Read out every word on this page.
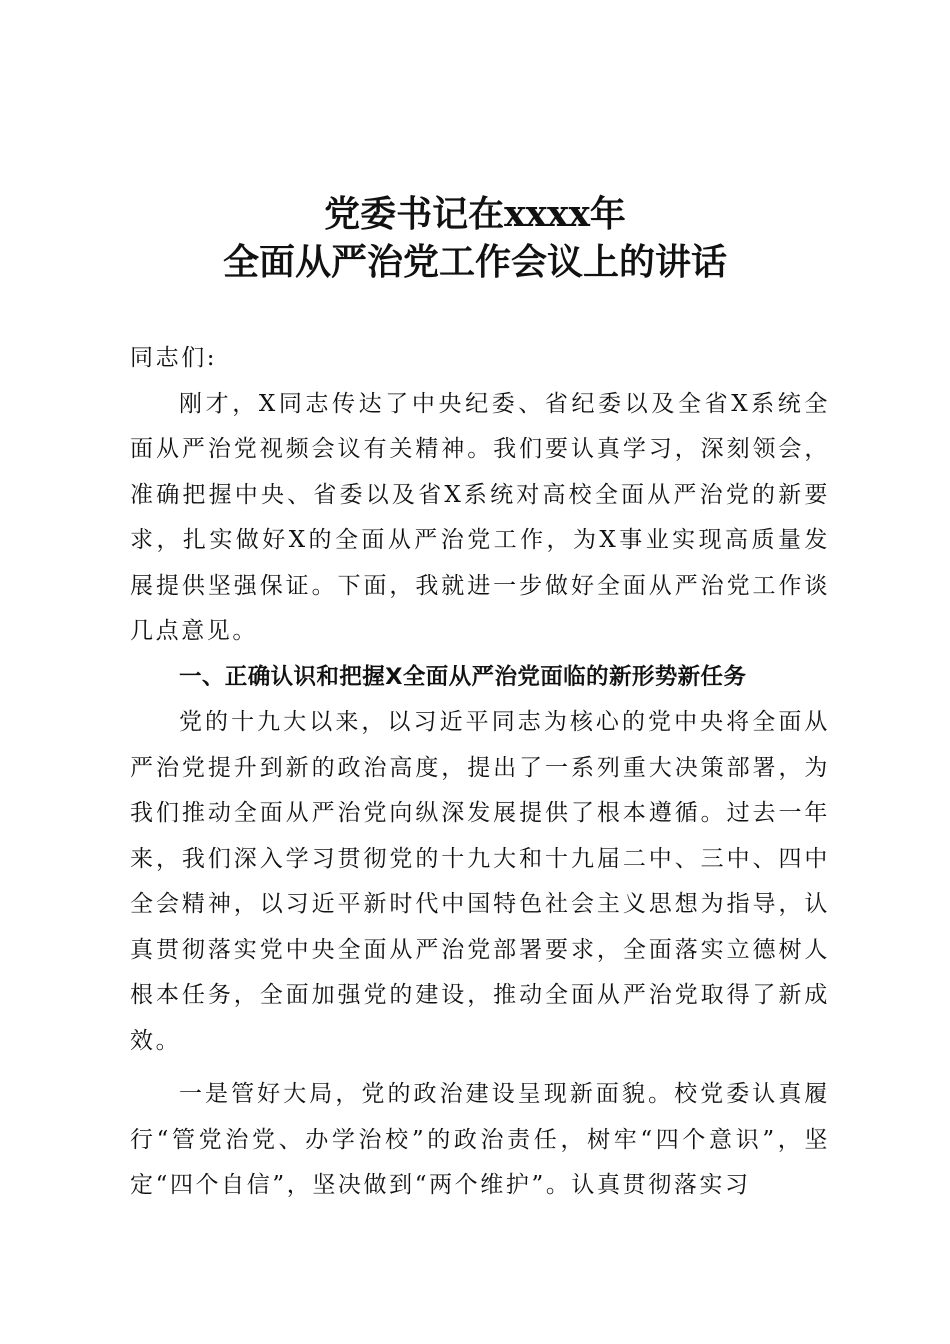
党委书记在xxxx年
全面从严治党工作会议上的讲话

同志们:

刚才，X同志传达了中央纪委、省纪委以及全省X系统全面从严治党视频会议有关精神。我们要认真学习，深刻领会，准确把握中央、省委以及省X系统对高校全面从严治党的新要求，扎实做好X的全面从严治党工作，为X事业实现高质量发展提供坚强保证。下面，我就进一步做好全面从严治党工作谈几点意见。

一、正确认识和把握X全面从严治党面临的新形势新任务

党的十九大以来，以习近平同志为核心的党中央将全面从严治党提升到新的政治高度，提出了一系列重大决策部署，为我们推动全面从严治党向纵深发展提供了根本遵循。过去一年来，我们深入学习贯彻党的十九大和十九届二中、三中、四中全会精神，以习近平新时代中国特色社会主义思想为指导，认真贯彻落实党中央全面从严治党部署要求，全面落实立德树人根本任务，全面加强党的建设，推动全面从严治党取得了新成效。

一是管好大局，党的政治建设呈现新面貌。校党委认真履行“管党治党、办学治校”的政治责任，树牢“四个意识”，坚定“四个自信”，坚决做到“两个维护”。认真贯彻落实习
